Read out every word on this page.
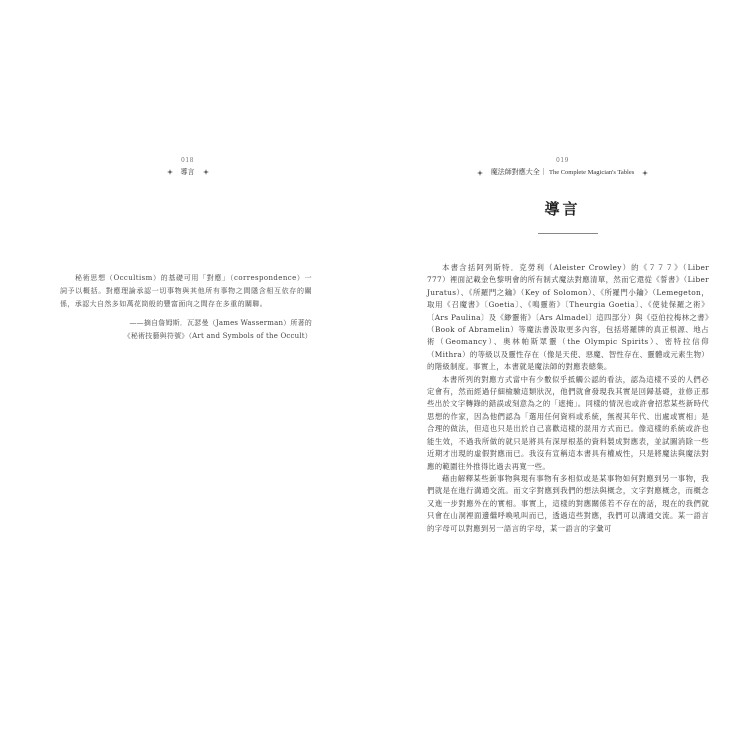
018
導言

秘術思想（Occultism）的基礎可用「對應」（correspondence）一詞予以概括。對應理論承認一切事物與其他所有事物之間隱含相互依存的關係，承認大自然多如萬花筒般的豐富面向之間存在多重的關聯。

——摘自詹姆斯．瓦瑟曼（James Wasserman）所著的
《秘術技藝與符號》（Art and Symbols of the Occult）
019
魔法師對應大全｜ The Complete Magician's Tables
導言

本書含括阿列斯特．克勞利（Aleister Crowley）的《７７７》（Liber 777）裡面記載金色黎明會的所有制式魔法對應清單，然而它還從《誓書》（Liber Juratus）、《所羅門之鑰》（Key of Solomon）、《所羅門小鑰》（Lemegeton，取用《召魔書》〔Goetia〕、《鳴靈術》〔Theurgia Goetia〕、《使徒保羅之術》〔Ars Paulina〕及《緲靈術》〔Ars Almadel〕這四部分）與《亞伯拉梅林之書》（Book of Abramelin）等魔法書汲取更多內容，包括塔羅牌的真正根源、地占術（Geomancy）、奧林帕斯眾靈（the Olympic Spirits）、密特拉信仰（Mithra）的等級以及靈性存在（像是天使、惡魔、智性存在、靈體或元素生物）的階級制度。事實上，本書就是魔法師的對應表總集。

本書所列的對應方式當中有少數似乎抵觸公認的看法，認為這樣不妥的人們必定會有，然而經過仔細檢驗這類狀況，他們就會發現我其實是回歸基礎，並修正那些出於文字轉錄的錯誤或刻意為之的「遮掩」。同樣的情況也或許會招惹某些新時代思想的作家，因為他們認為「選用任何資料或系統，無視其年代、出處或實相」是合理的做法，但這也只是出於自己喜歡這樣的混用方式而已。像這樣的系統或許也能生效，不過我所做的就只是將具有深厚根基的資料製成對應表，並試圖消除一些近期才出現的虛假對應而已。我沒有宣稱這本書具有權威性，只是將魔法與魔法對應的範圍往外推得比過去再寬一些。

藉由解釋某些新事物與現有事物有多相似或是某事物如何對應到另一事物，我們就是在進行溝通交流。而文字對應到我們的想法與概念，文字對應概念，而概念又進一步對應外在的實相。事實上，這樣的對應關係若不存在的話，現在的我們就只會在山洞裡面邊繼呼喚吼叫而已，透過這些對應，我們可以溝通交流。某一語言的字母可以對應到另一語言的字母，某一語言的字彙可
